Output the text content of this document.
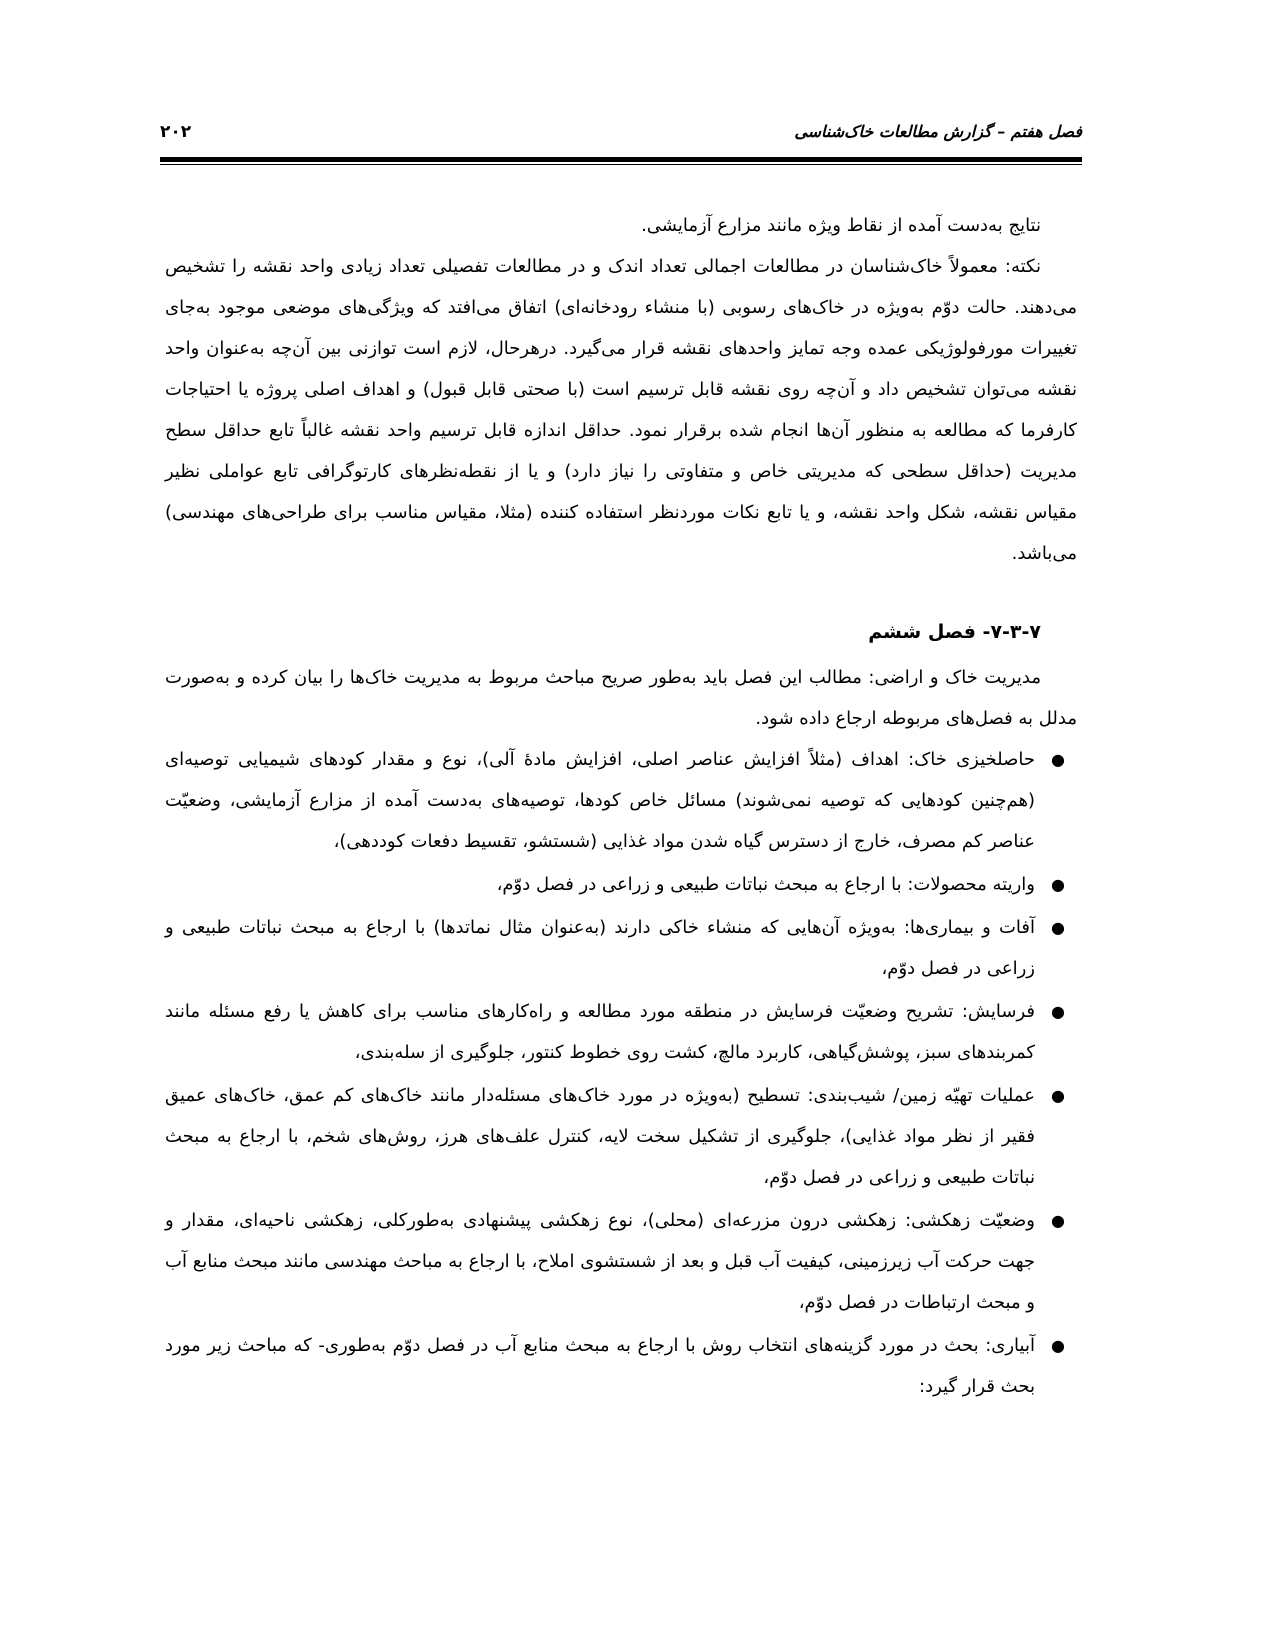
فصل هفتم – گزارش مطالعات خاک‌شناسی
۲۰۲

نتایج به‌دست آمده از نقاط ویژه مانند مزارع آزمایشی.

نکته: معمولاً خاک‌شناسان در مطالعات اجمالی تعداد اندک و در مطالعات تفصیلی تعداد زیادی واحد نقشه را تشخیص می‌دهند. حالت دوّم به‌ویژه در خاک‌های رسوبی (با منشاء رودخانه‌ای) اتفاق می‌افتد که ویژگی‌های موضعی موجود به‌جای تغییرات مورفولوژیکی عمده وجه تمایز واحدهای نقشه قرار می‌گیرد. درهرحال، لازم است توازنی بین آن‌چه به‌عنوان واحد نقشه می‌توان تشخیص داد و آن‌چه روی نقشه قابل ترسیم است (با صحتی قابل قبول) و اهداف اصلی پروژه یا احتیاجات کارفرما که مطالعه به منظور آن‌ها انجام شده برقرار نمود. حداقل اندازه قابل ترسیم واحد نقشه غالباً تابع حداقل سطح مدیریت (حداقل سطحی که مدیریتی خاص و متفاوتی را نیاز دارد) و یا از نقطه‌نظرهای کارتوگرافی تابع عواملی نظیر مقیاس نقشه، شکل واحد نقشه، و یا تابع نکات موردنظر استفاده کننده (مثلا، مقیاس مناسب برای طراحی‌های مهندسی) می‌باشد.

۷-۳-۷- فصل ششم

مدیریت خاک و اراضی: مطالب این فصل باید به‌طور صریح مباحث مربوط به مدیریت خاک‌ها را بیان کرده و به‌صورت مدلل به فصل‌های مربوطه ارجاع داده شود.

●
حاصلخیزی خاک: اهداف (مثلاً افزایش عناصر اصلی، افزایش مادهٔ آلی)، نوع و مقدار کودهای شیمیایی توصیه‌ای (هم‌چنین کودهایی که توصیه نمی‌شوند) مسائل خاص کودها، توصیه‌های به‌دست آمده از مزارع آزمایشی، وضعیّت عناصر کم مصرف، خارج از دسترس گیاه شدن مواد غذایی (شستشو، تقسیط دفعات کوددهی)،
●
واریته محصولات: با ارجاع به مبحث نباتات طبیعی و زراعی در فصل دوّم،
●
آفات و بیماری‌ها: به‌ویژه آن‌هایی که منشاء خاکی دارند (به‌عنوان مثال نماتدها) با ارجاع به مبحث نباتات طبیعی و زراعی در فصل دوّم،
●
فرسایش: تشریح وضعیّت فرسایش در منطقه مورد مطالعه و راه‌کارهای مناسب برای کاهش یا رفع مسئله مانند کمربندهای سبز، پوشش‌گیاهی، کاربرد مالچ، کشت روی خطوط کنتور، جلوگیری از سله‌بندی،
●
عملیات تهیّه زمین/ شیب‌بندی: تسطیح (به‌ویژه در مورد خاک‌های مسئله‌دار مانند خاک‌های کم عمق، خاک‌های عمیق فقیر از نظر مواد غذایی)، جلوگیری از تشکیل سخت لایه، کنترل علف‌های هرز، روش‌های شخم، با ارجاع به مبحث نباتات طبیعی و زراعی در فصل دوّم،
●
وضعیّت زهکشی: زهکشی درون مزرعه‌ای (محلی)، نوع زهکشی پیشنهادی به‌طورکلی، زهکشی ناحیه‌ای، مقدار و جهت حرکت آب زیرزمینی، کیفیت آب قبل و بعد از شستشوی املاح، با ارجاع به مباحث مهندسی مانند مبحث منابع آب و مبحث ارتباطات در فصل دوّم،
●
آبیاری: بحث در مورد گزینه‌های انتخاب روش با ارجاع به مبحث منابع آب در فصل دوّم به‌طوری- که مباحث زیر مورد بحث قرار گیرد:
